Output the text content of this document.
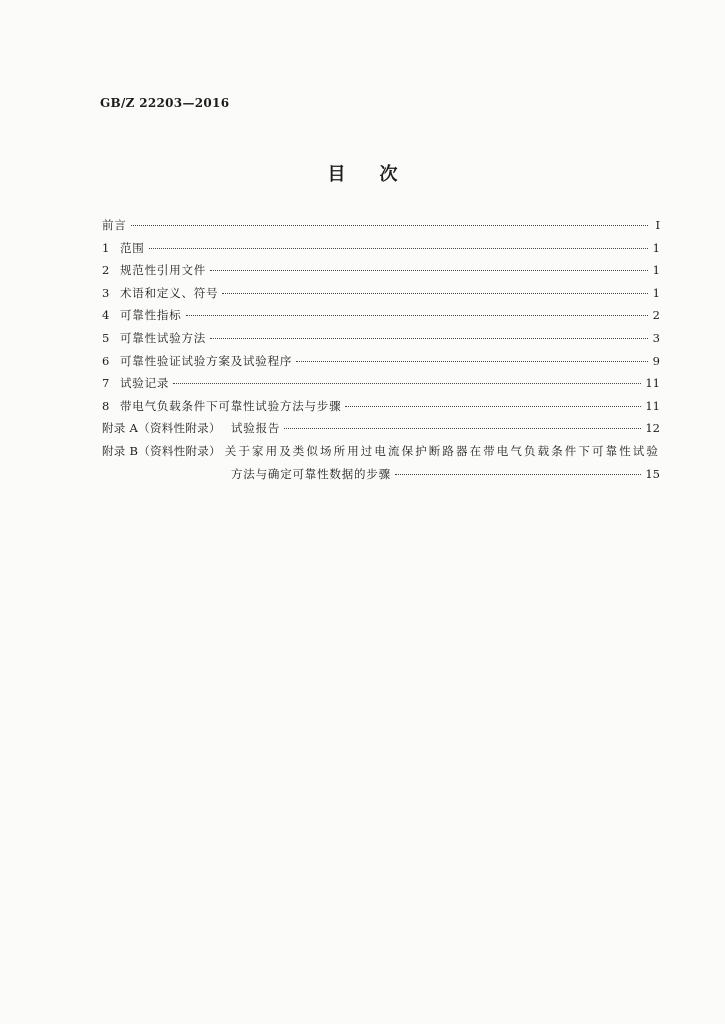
GB/Z 22203—2016
目次
前言	Ⅰ
1 范围	1
2 规范性引用文件	1
3 术语和定义、符号	1
4 可靠性指标	2
5 可靠性试验方法	3
6 可靠性验证试验方案及试验程序	9
7 试验记录	11
8 带电气负载条件下可靠性试验方法与步骤	11
附录 A（资料性附录） 试验报告	12
附录 B（资料性附录） 关于家用及类似场所用过电流保护断路器在带电气负载条件下可靠性试验
方法与确定可靠性数据的步骤	15
